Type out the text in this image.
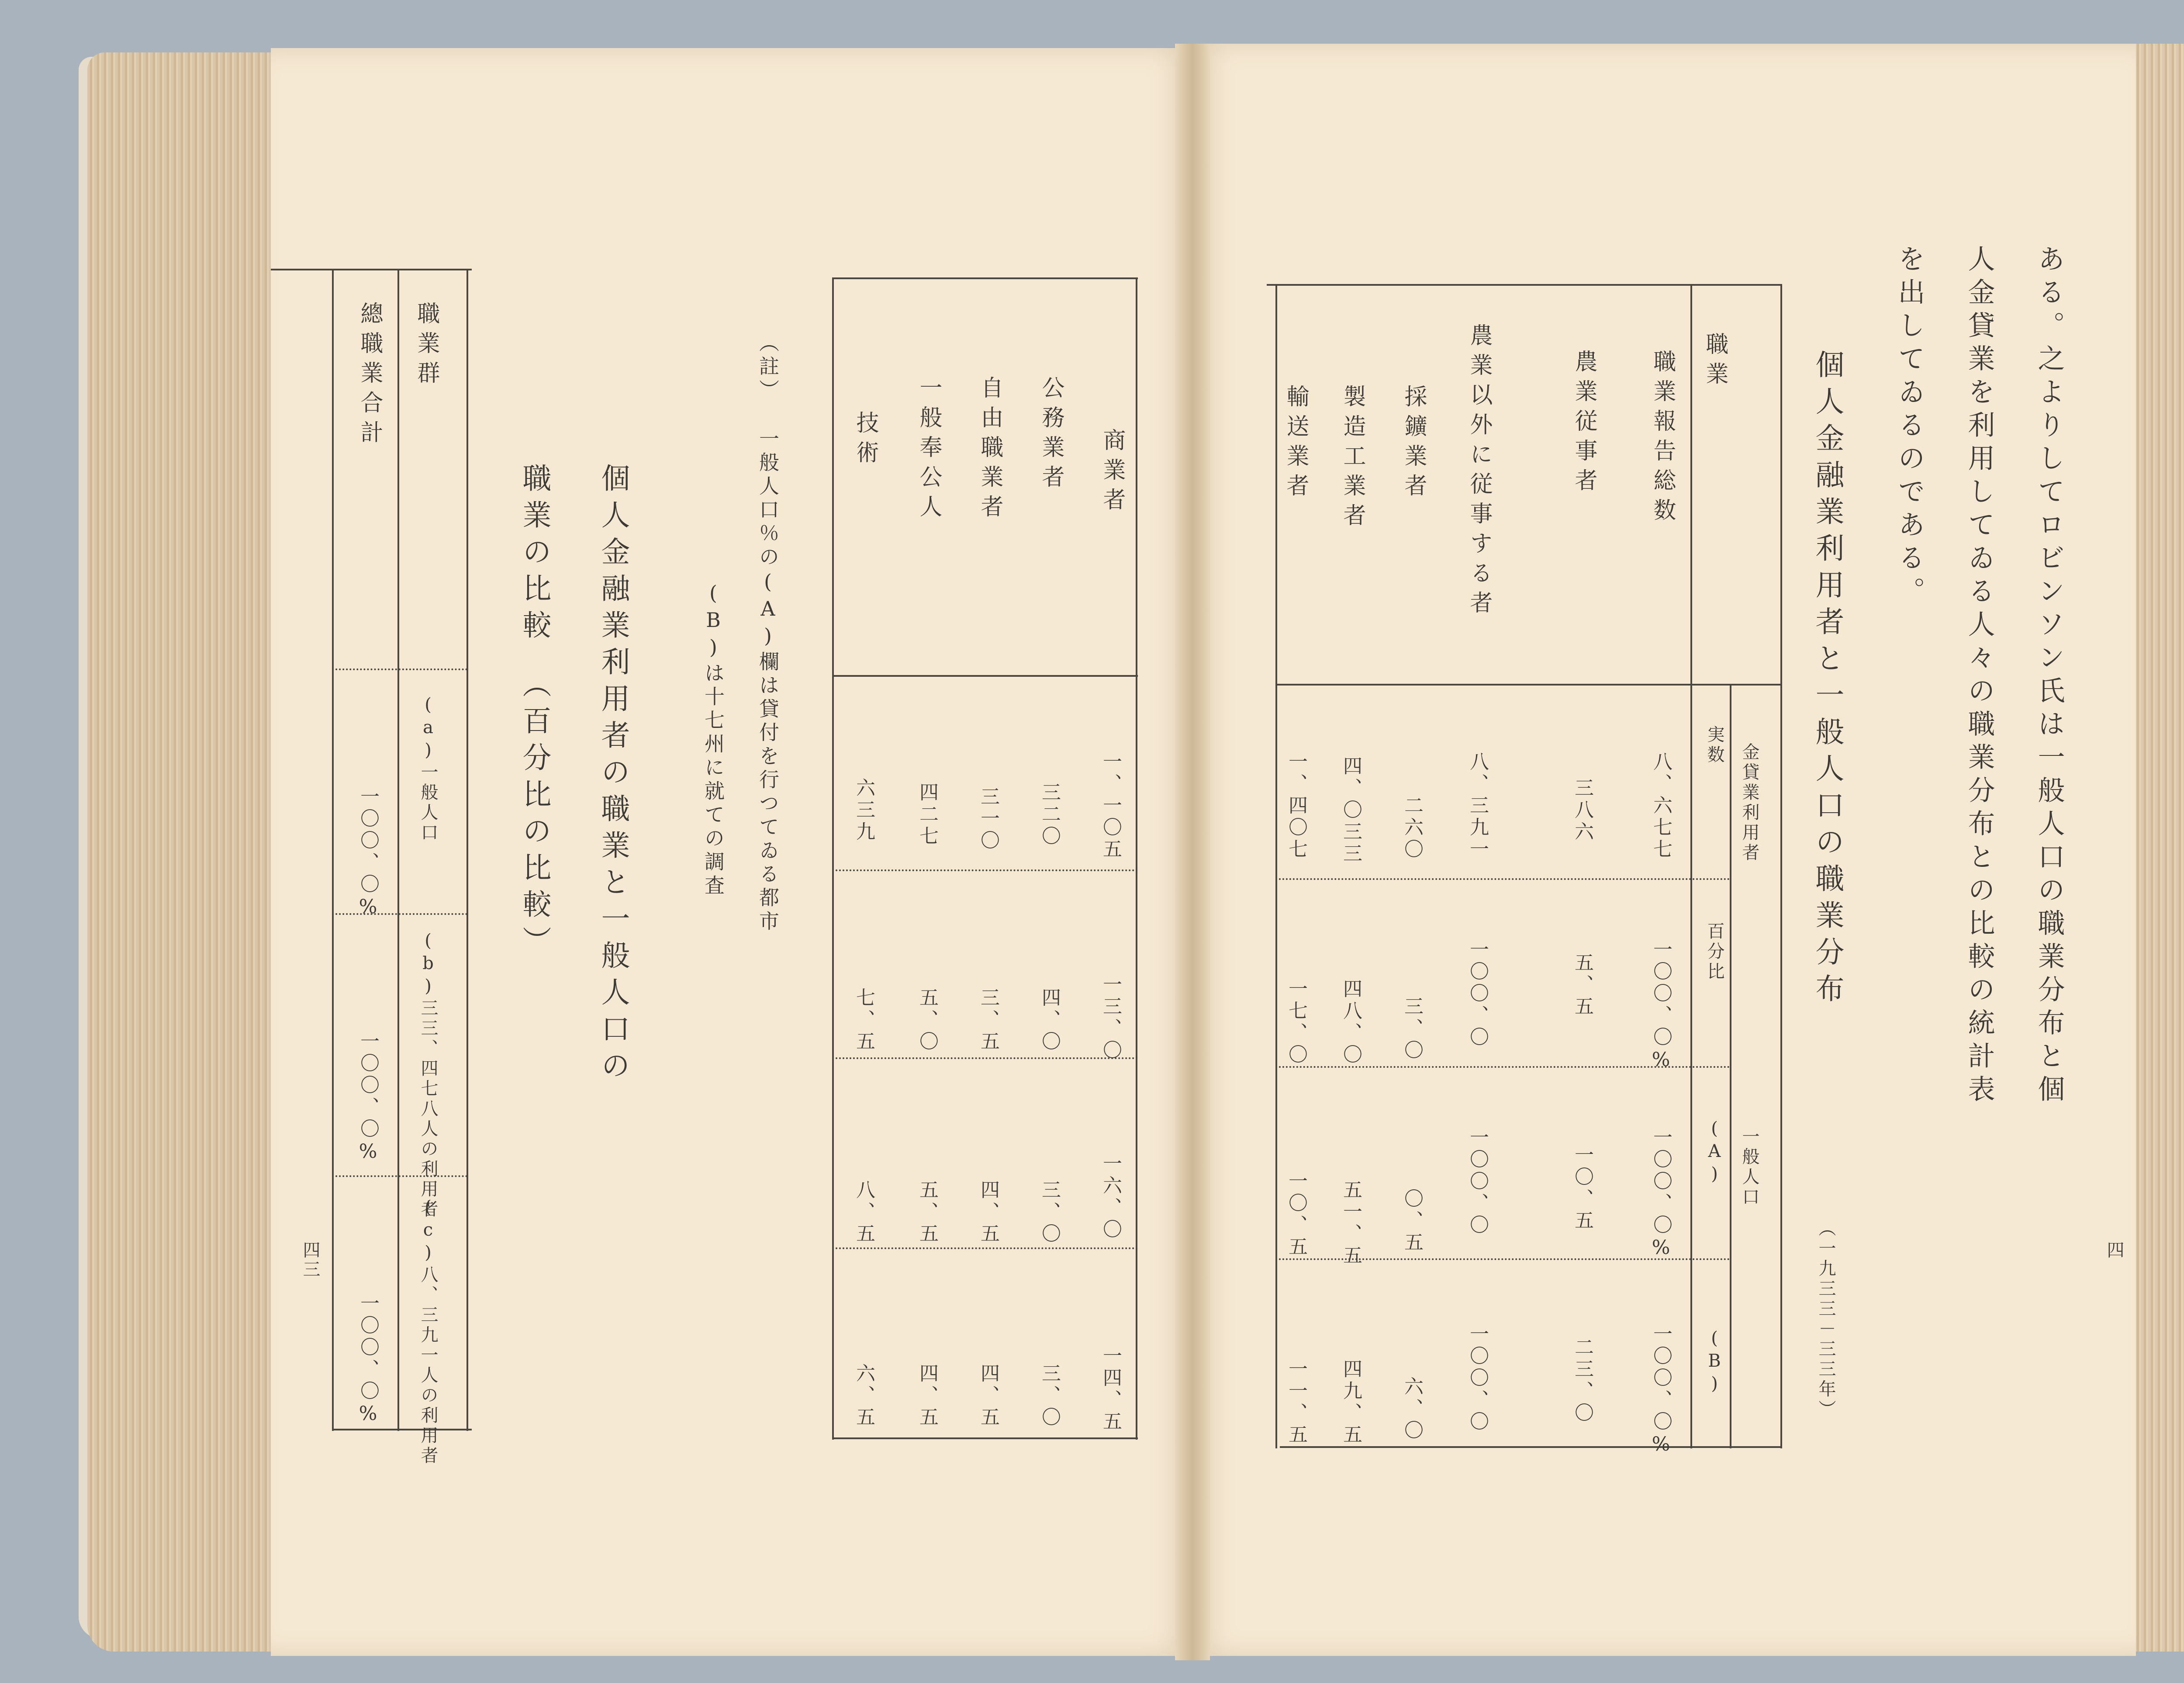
ある。之よりしてロビンソン氏は一般人口の職業分布と個
人金貸業を利用してゐる人々の職業分布との比較の統計表
を出してゐるのである。
個人金融業利用者と一般人口の職業分布
（一九三三－三三年）	四
職業
金貸業利用者
実数
百分比
(A) 一般人口
(B)
職業報告総数
八、六七七
一〇〇、〇%
一〇〇、〇%
一〇〇、〇%
農業従事者
三八六
五、五
一〇、五
二三、〇
農業以外に従事する者
八、三九一
一〇〇、〇
一〇〇、〇
一〇〇、〇
採鑛業者
二六〇
三、〇
〇、五
六、〇
製造工業者
四、〇三三
四八、〇
五一、五
四九、五
輸送業者
一、四〇七
一七、〇
一〇、五
一一、五
四三
商業者
一、一〇五
一三、〇
一六、〇
一四、五
公務業者
三二〇
四、〇
三、〇
三、〇
自由職業者
三一〇
三、五
四、五
四、五
一般奉公人
四二七
五、〇
五、五
四、五
技術
六三九
七、五
八、五
六、五
（註）
一般人口％の(A)欄は貸付を行つてゐる都市
(B)は十七州に就ての調査
個人金融業利用者の職業と一般人口の
職業の比較　（百分比の比較）
職業群
(a)一般人口
(b)三三、四七八人の利用者
(c)八、三九一人の利用者
總職業合計
一〇〇、〇%
一〇〇、〇%
一〇〇、〇%
